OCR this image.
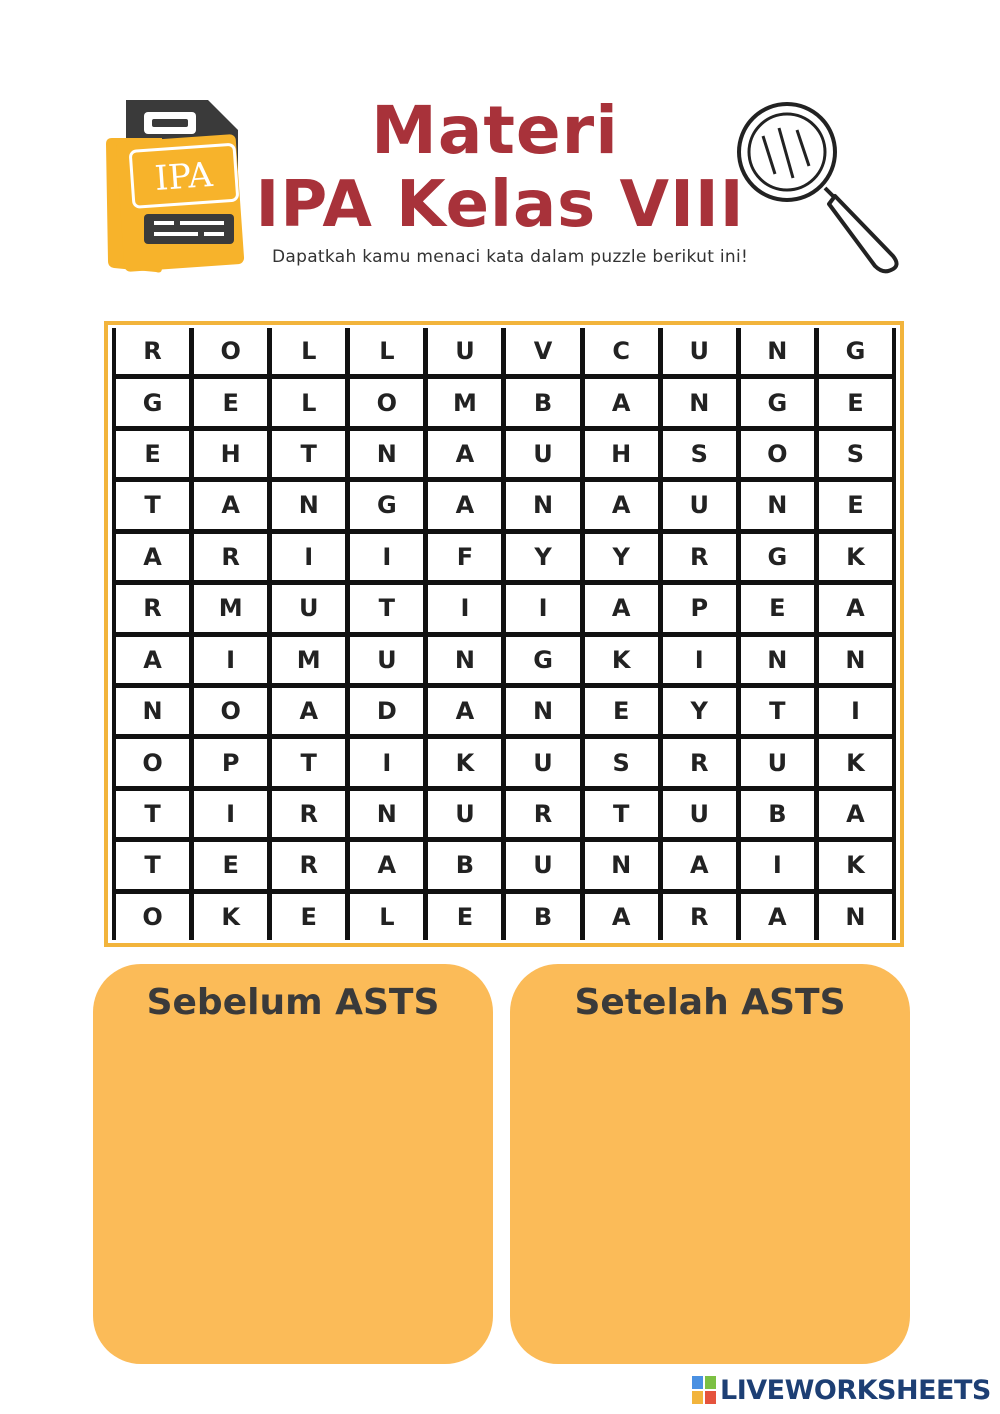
IPA
Materi
IPA Kelas VIII
Dapatkah kamu menaci kata dalam puzzle berikut ini!
R	O	L	L	U	V	C	U	N	G
G	E	L	O	M	B	A	N	G	E
E	H	T	N	A	U	H	S	O	S
T	A	N	G	A	N	A	U	N	E
A	R	I	I	F	Y	Y	R	G	K
R	M	U	T	I	I	A	P	E	A
A	I	M	U	N	G	K	I	N	N
N	O	A	D	A	N	E	Y	T	I
O	P	T	I	K	U	S	R	U	K
T	I	R	N	U	R	T	U	B	A
T	E	R	A	B	U	N	A	I	K
O	K	E	L	E	B	A	R	A	N
Sebelum ASTS	Setelah ASTS
LIVEWORKSHEETS
